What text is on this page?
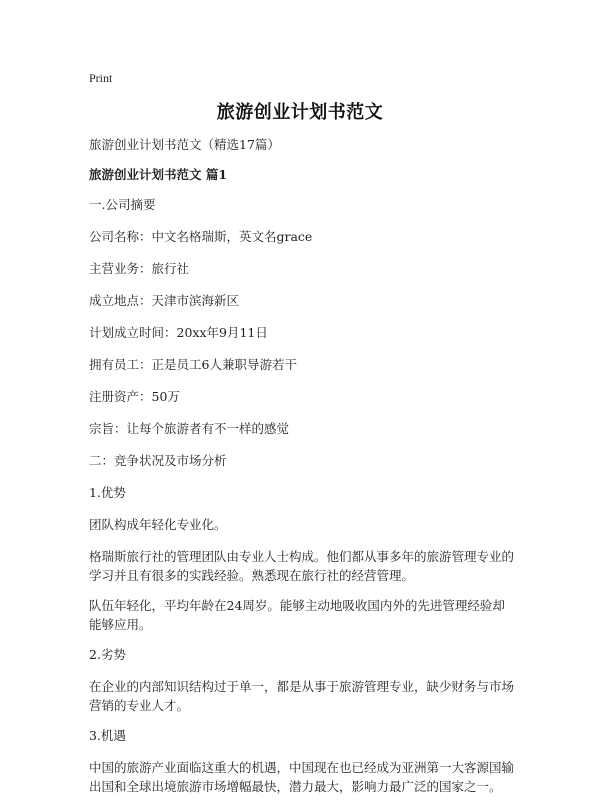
Print
旅游创业计划书范文
旅游创业计划书范文（精选17篇）
旅游创业计划书范文 篇1
一.公司摘要
公司名称：中文名格瑞斯，英文名grace
主营业务：旅行社
成立地点：天津市滨海新区
计划成立时间：20xx年9月11日
拥有员工：正是员工6人兼职导游若干
注册资产：50万
宗旨：让每个旅游者有不一样的感觉
二：竞争状况及市场分析
1.优势
团队构成年轻化专业化。
格瑞斯旅行社的管理团队由专业人士构成。他们都从事多年的旅游管理专业的学习并且有很多的实践经验。熟悉现在旅行社的经营管理。
队伍年轻化，平均年龄在24周岁。能够主动地吸收国内外的先进管理经验却能够应用。
2.劣势
在企业的内部知识结构过于单一，都是从事于旅游管理专业，缺少财务与市场营销的专业人才。
3.机遇
中国的旅游产业面临这重大的机遇，中国现在也已经成为亚洲第一大客源国输出国和全球出境旅游市场增幅最快，潜力最大，影响力最广泛的国家之一。
